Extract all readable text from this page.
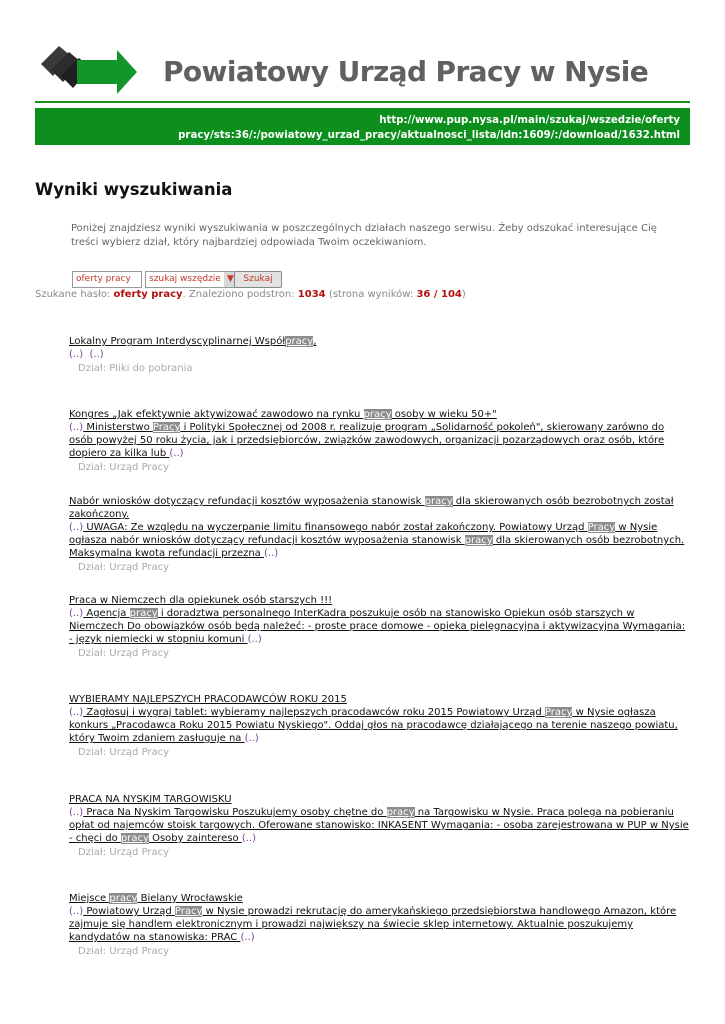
Powiatowy Urząd Pracy w Nysie
http://www.pup.nysa.pl/main/szukaj/wszedzie/oferty
pracy/sts:36/:/powiatowy_urzad_pracy/aktualnosci_lista/idn:1609/:/download/1632.html
Wyniki wyszukiwania

Poniżej znajdziesz wyniki wyszukiwania w poszczególnych działach naszego serwisu. Żeby odszukać interesujące Cię treści wybierz dział, który najbardziej odpowiada Twoim oczekiwaniom.

oferty pracy	szukaj wszędzie ▼	Szukaj
Szukane hasło: oferty pracy. Znaleziono podstron: 1034 (strona wyników: 36 / 104)
Lokalny Program Interdyscyplinarnej Współpracy,
(..) (..)
Dział: Pliki do pobrania
Kongres „Jak efektywnie aktywizować zawodowo na rynku pracy osoby w wieku 50+"
(..) Ministerstwo Pracy i Polityki Społecznej od 2008 r. realizuje program „Solidarność pokoleń", skierowany zarówno do osób powyżej 50 roku życia, jak i przedsiębiorców, związków zawodowych, organizacji pozarządowych oraz osób, które dopiero za kilka lub (..)
Dział: Urząd Pracy
Nabór wniosków dotyczący refundacji kosztów wyposażenia stanowisk pracy dla skierowanych osób bezrobotnych został zakończony.
(..) UWAGA: Ze względu na wyczerpanie limitu finansowego nabór został zakończony. Powiatowy Urząd Pracy w Nysie ogłasza nabór wniosków dotyczący refundacji kosztów wyposażenia stanowisk pracy dla skierowanych osób bezrobotnych. Maksymalna kwota refundacji przezna (..)
Dział: Urząd Pracy
Praca w Niemczech dla opiekunek osób starszych !!!
(..) Agencja pracy i doradztwa personalnego InterKadra poszukuje osób na stanowisko Opiekun osób starszych w Niemczech Do obowiązków osób będą należeć: - proste prace domowe - opieka pielęgnacyjna i aktywizacyjna Wymagania: - język niemiecki w stopniu komuni (..)
Dział: Urząd Pracy
WYBIERAMY NAJLEPSZYCH PRACODAWCÓW ROKU 2015
(..) Zagłosuj i wygraj tablet: wybieramy najlepszych pracodawców roku 2015 Powiatowy Urząd Pracy w Nysie ogłasza konkurs „Pracodawca Roku 2015 Powiatu Nyskiego". Oddaj głos na pracodawcę działającego na terenie naszego powiatu, który Twoim zdaniem zasługuje na (..)
Dział: Urząd Pracy
PRACA NA NYSKIM TARGOWISKU
(..) Praca Na Nyskim Targowisku Poszukujemy osoby chętne do pracy na Targowisku w Nysie. Praca polega na pobieraniu opłat od najemców stoisk targowych. Oferowane stanowisko: INKASENT Wymagania: - osoba zarejestrowana w PUP w Nysie - chęci do pracy Osoby zainteresо (..)
Dział: Urząd Pracy
Miejsce pracy Bielany Wrocławskie
(..) Powiatowy Urząd Pracy w Nysie prowadzi rekrutację do amerykańskiego przedsiębiorstwa handlowego Amazon, które zajmuje się handlem elektronicznym i prowadzi największy na świecie sklep internetowy. Aktualnie poszukujemy kandydatów na stanowiska: PRAC (..)
Dział: Urząd Pracy
